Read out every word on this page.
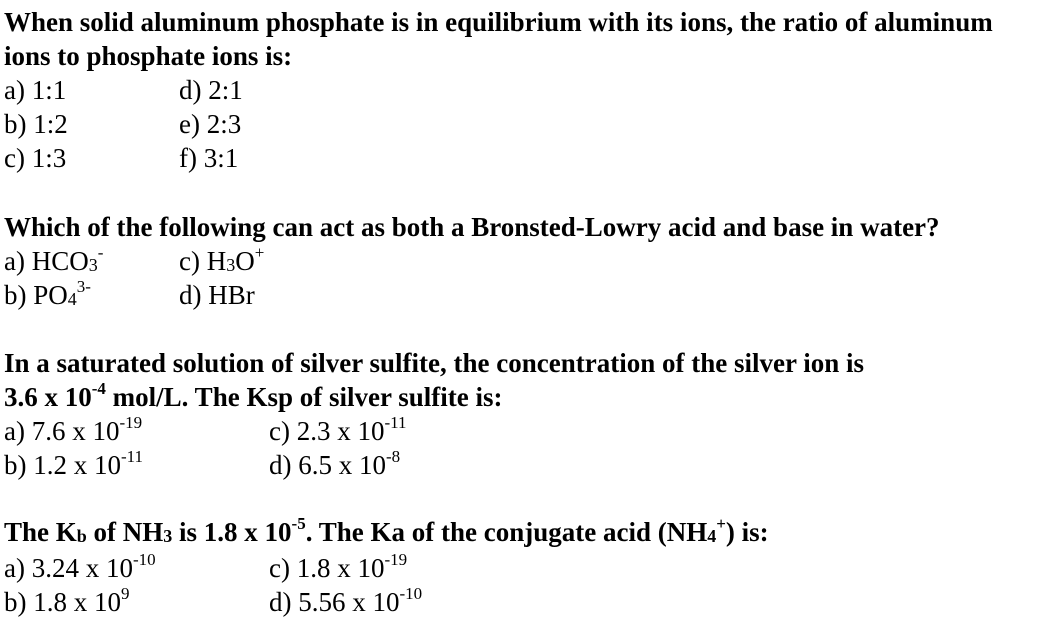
When solid aluminum phosphate is in equilibrium with its ions, the ratio of aluminum ions to phosphate ions is:
a) 1:1
b) 1:2
c) 1:3
d) 2:1
e) 2:3
f) 3:1
Which of the following can act as both a Bronsted-Lowry acid and base in water?
a) $HCO_3^-$
b) $PO_4^{3-}$
c) $H_3O^+$
d) HBr
In a saturated solution of silver sulfite, the concentration of the silver ion is
3.6 x $10^{-4}$ mol/L. The Ksp of silver sulfite is:
a) 7.6 x $10^{-19}$
b) 1.2 x $10^{-11}$
c) 2.3 x $10^{-11}$
d) 6.5 x $10^{-8}$
The $K_b$ of $NH_3$ is 1.8 x $10^{-5}$. The Ka of the conjugate acid $(NH_4^+)$ is:
a) 3.24 x $10^{-10}$
b) 1.8 x $10^9$
c) 1.8 x $10^{-19}$
d) 5.56 x $10^{-10}$
